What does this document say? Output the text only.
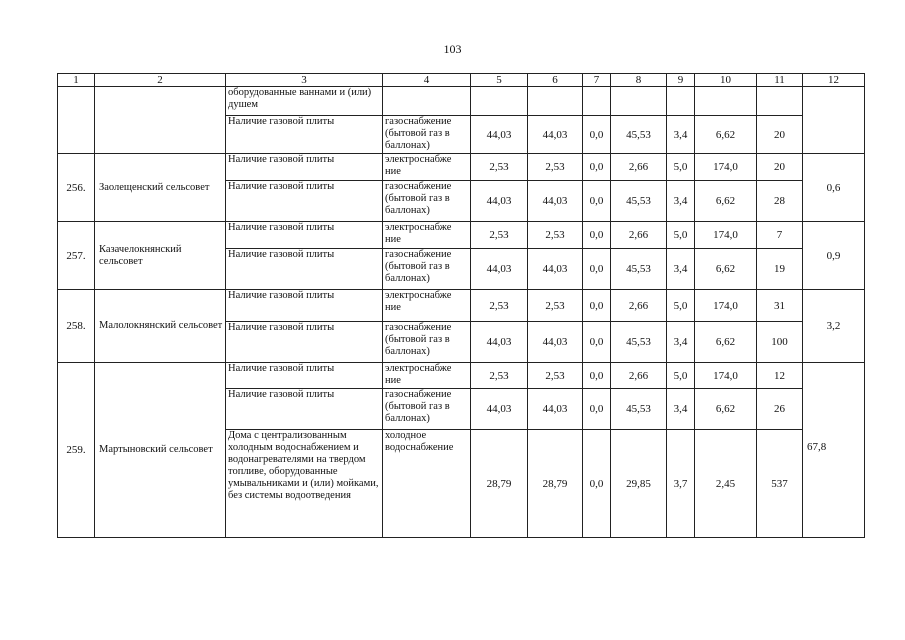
103
1	2	3	4	5	6	7	8	9	10	11	12
		оборудованные ваннами и (или) душем									
		Наличие газовой плиты	газоснабжение (бытовой газ в баллонах)	44,03	44,03	0,0	45,53	3,4	6,62	20	
256.	Заолещенский сельсовет	Наличие газовой плиты	электроснабже ние	2,53	2,53	0,0	2,66	5,0	174,0	20	0,6
		Наличие газовой плиты	газоснабжение (бытовой газ в баллонах)	44,03	44,03	0,0	45,53	3,4	6,62	28	
257.	Казачелокнянский сельсовет	Наличие газовой плиты	электроснабже ние	2,53	2,53	0,0	2,66	5,0	174,0	7	0,9
		Наличие газовой плиты	газоснабжение (бытовой газ в баллонах)	44,03	44,03	0,0	45,53	3,4	6,62	19	
258.	Малолокнянский сельсовет	Наличие газовой плиты	электроснабже ние	2,53	2,53	0,0	2,66	5,0	174,0	31	3,2
		Наличие газовой плиты	газоснабжение (бытовой газ в баллонах)	44,03	44,03	0,0	45,53	3,4	6,62	100	
259.	Мартыновский сельсовет	Наличие газовой плиты	электроснабже ние	2,53	2,53	0,0	2,66	5,0	174,0	12	67,8
		Наличие газовой плиты	газоснабжение (бытовой газ в баллонах)	44,03	44,03	0,0	45,53	3,4	6,62	26	
		Дома с централизованным холодным водоснабжением и водонагревателями на твердом топливе, оборудованные умывальниками и (или) мойками, без системы водоотведения	холодное водоснабжение	28,79	28,79	0,0	29,85	3,7	2,45	537	
